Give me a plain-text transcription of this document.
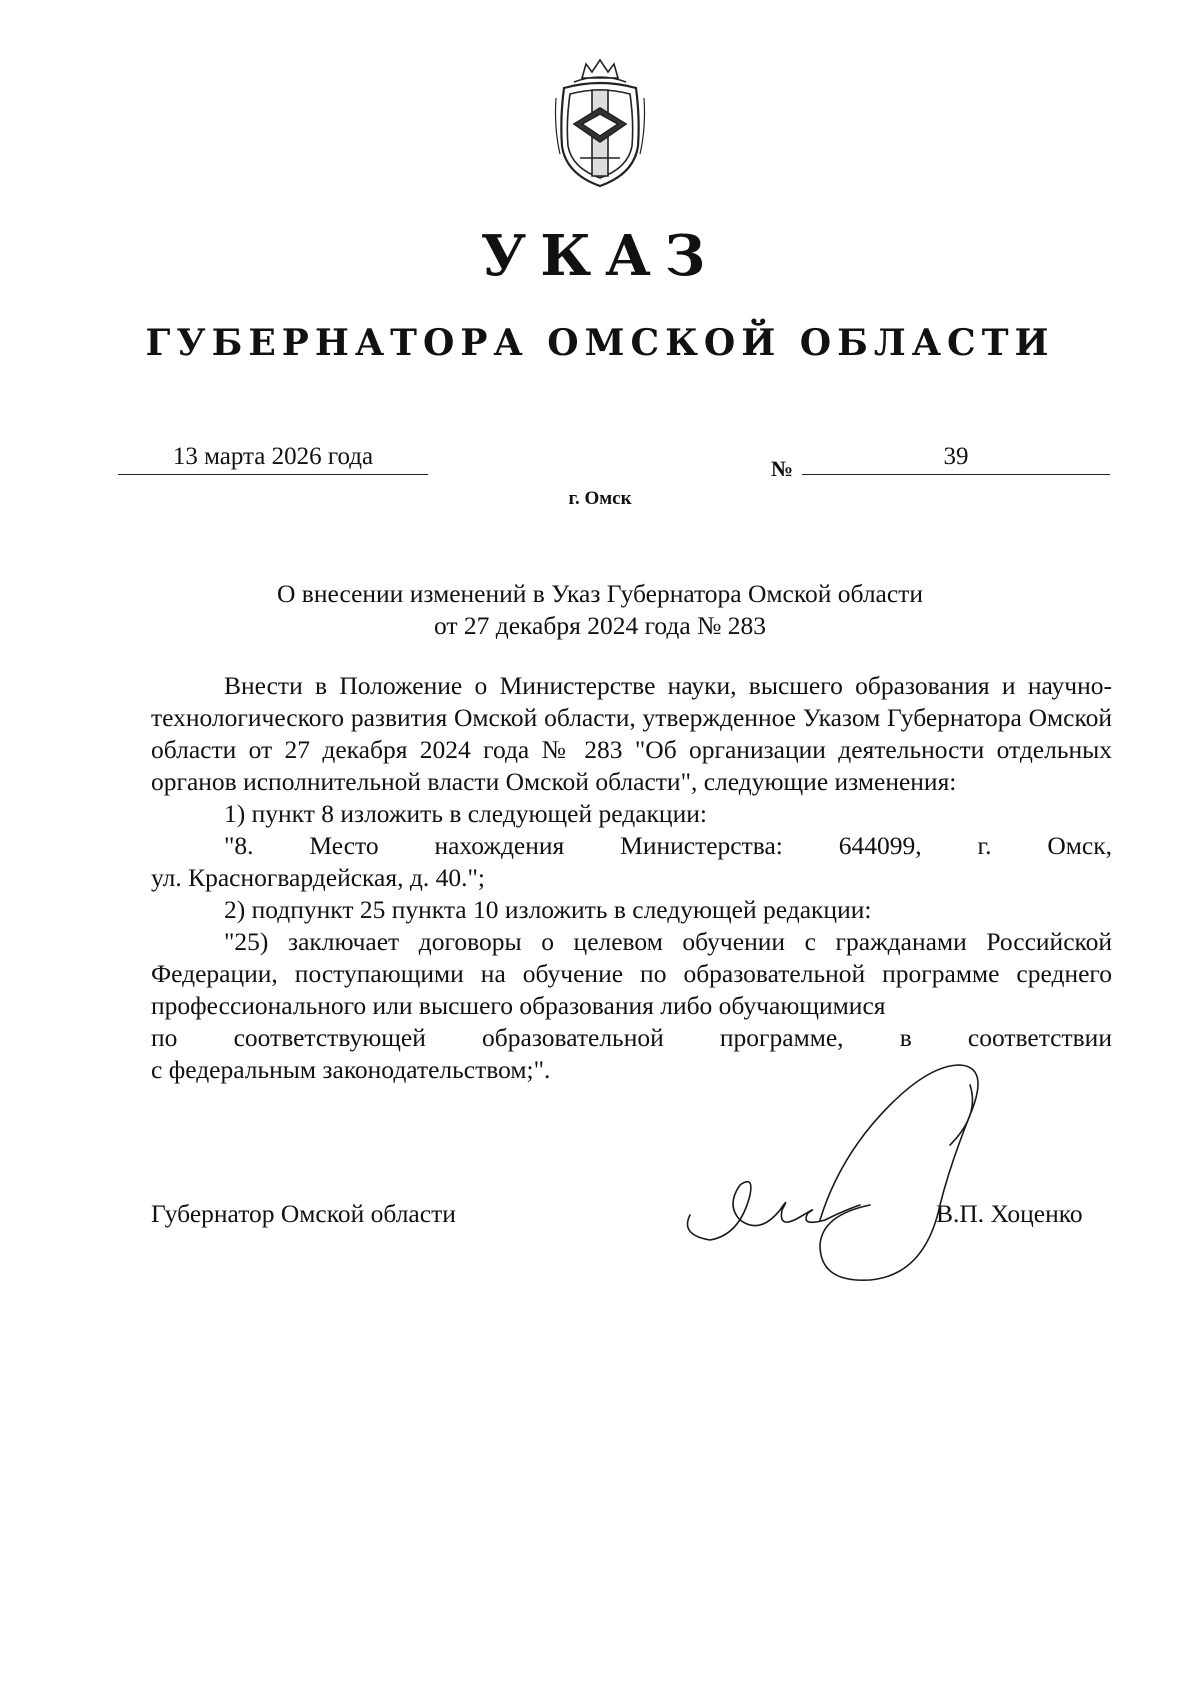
УКАЗ
ГУБЕРНАТОРА ОМСКОЙ ОБЛАСТИ
13 марта 2026 года	№	39
г. Омск
О внесении изменений в Указ Губернатора Омской области
от 27 декабря 2024 года № 283

Внести в Положение о Министерстве науки, высшего образования и научно-технологического развития Омской области, утвержденное Указом Губернатора Омской области от 27 декабря 2024 года № 283 "Об организации деятельности отдельных органов исполнительной власти Омской области", следующие изменения:

1) пункт 8 изложить в следующей редакции:

"8. Место нахождения Министерства: 644099, г. Омск,

ул. Красногвардейская, д. 40.";

2) подпункт 25 пункта 10 изложить в следующей редакции:

"25) заключает договоры о целевом обучении с гражданами Российской Федерации, поступающими на обучение по образовательной программе среднего профессионального или высшего образования либо обучающимися

по соответствующей образовательной программе, в соответствии

с федеральным законодательством;".

Губернатор Омской области	В.П. Хоценко
